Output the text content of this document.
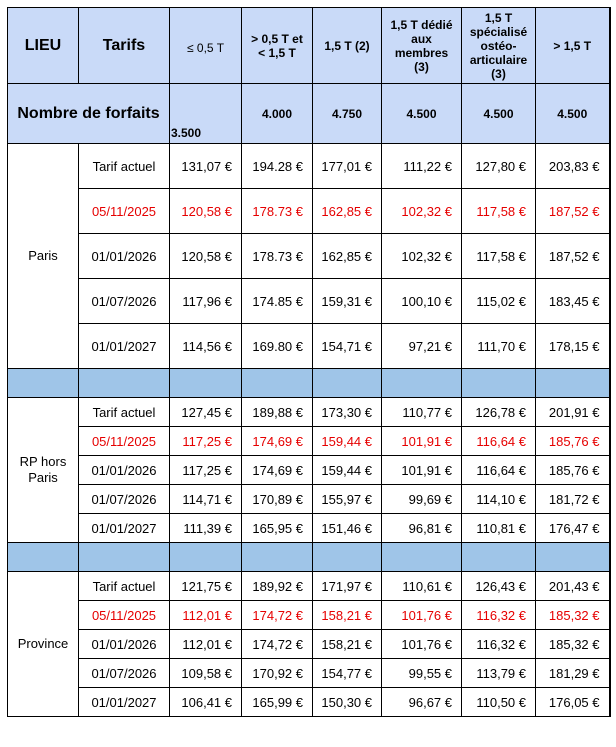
LIEU	Tarifs	≤ 0,5 T	> 0,5 T et < 1,5 T	1,5 T (2)	1,5 T dédié aux membres (3)	1,5 T spécialisé ostéo-articulaire (3)	> 1,5 T
Nombre de forfaits		3.500	4.000	4.750	4.500	4.500	4.500
Paris	Tarif actuel	131,07 €	194.28 €	177,01 €	111,22 €	127,80 €	203,83 €
	05/11/2025	120,58 €	178.73 €	162,85 €	102,32 €	117,58 €	187,52 €
	01/01/2026	120,58 €	178.73 €	162,85 €	102,32 €	117,58 €	187,52 €
	01/07/2026	117,96 €	174.85 €	159,31 €	100,10 €	115,02 €	183,45 €
	01/01/2027	114,56 €	169.80 €	154,71 €	97,21 €	111,70 €	178,15 €

RP hors Paris	Tarif actuel	127,45 €	189,88 €	173,30 €	110,77 €	126,78 €	201,91 €
	05/11/2025	117,25 €	174,69 €	159,44 €	101,91 €	116,64 €	185,76 €
	01/01/2026	117,25 €	174,69 €	159,44 €	101,91 €	116,64 €	185,76 €
	01/07/2026	114,71 €	170,89 €	155,97 €	99,69 €	114,10 €	181,72 €
	01/01/2027	111,39 €	165,95 €	151,46 €	96,81 €	110,81 €	176,47 €

Province	Tarif actuel	121,75 €	189,92 €	171,97 €	110,61 €	126,43 €	201,43 €
	05/11/2025	112,01 €	174,72 €	158,21 €	101,76 €	116,32 €	185,32 €
	01/01/2026	112,01 €	174,72 €	158,21 €	101,76 €	116,32 €	185,32 €
	01/07/2026	109,58 €	170,92 €	154,77 €	99,55 €	113,79 €	181,29 €
	01/01/2027	106,41 €	165,99 €	150,30 €	96,67 €	110,50 €	176,05 €
